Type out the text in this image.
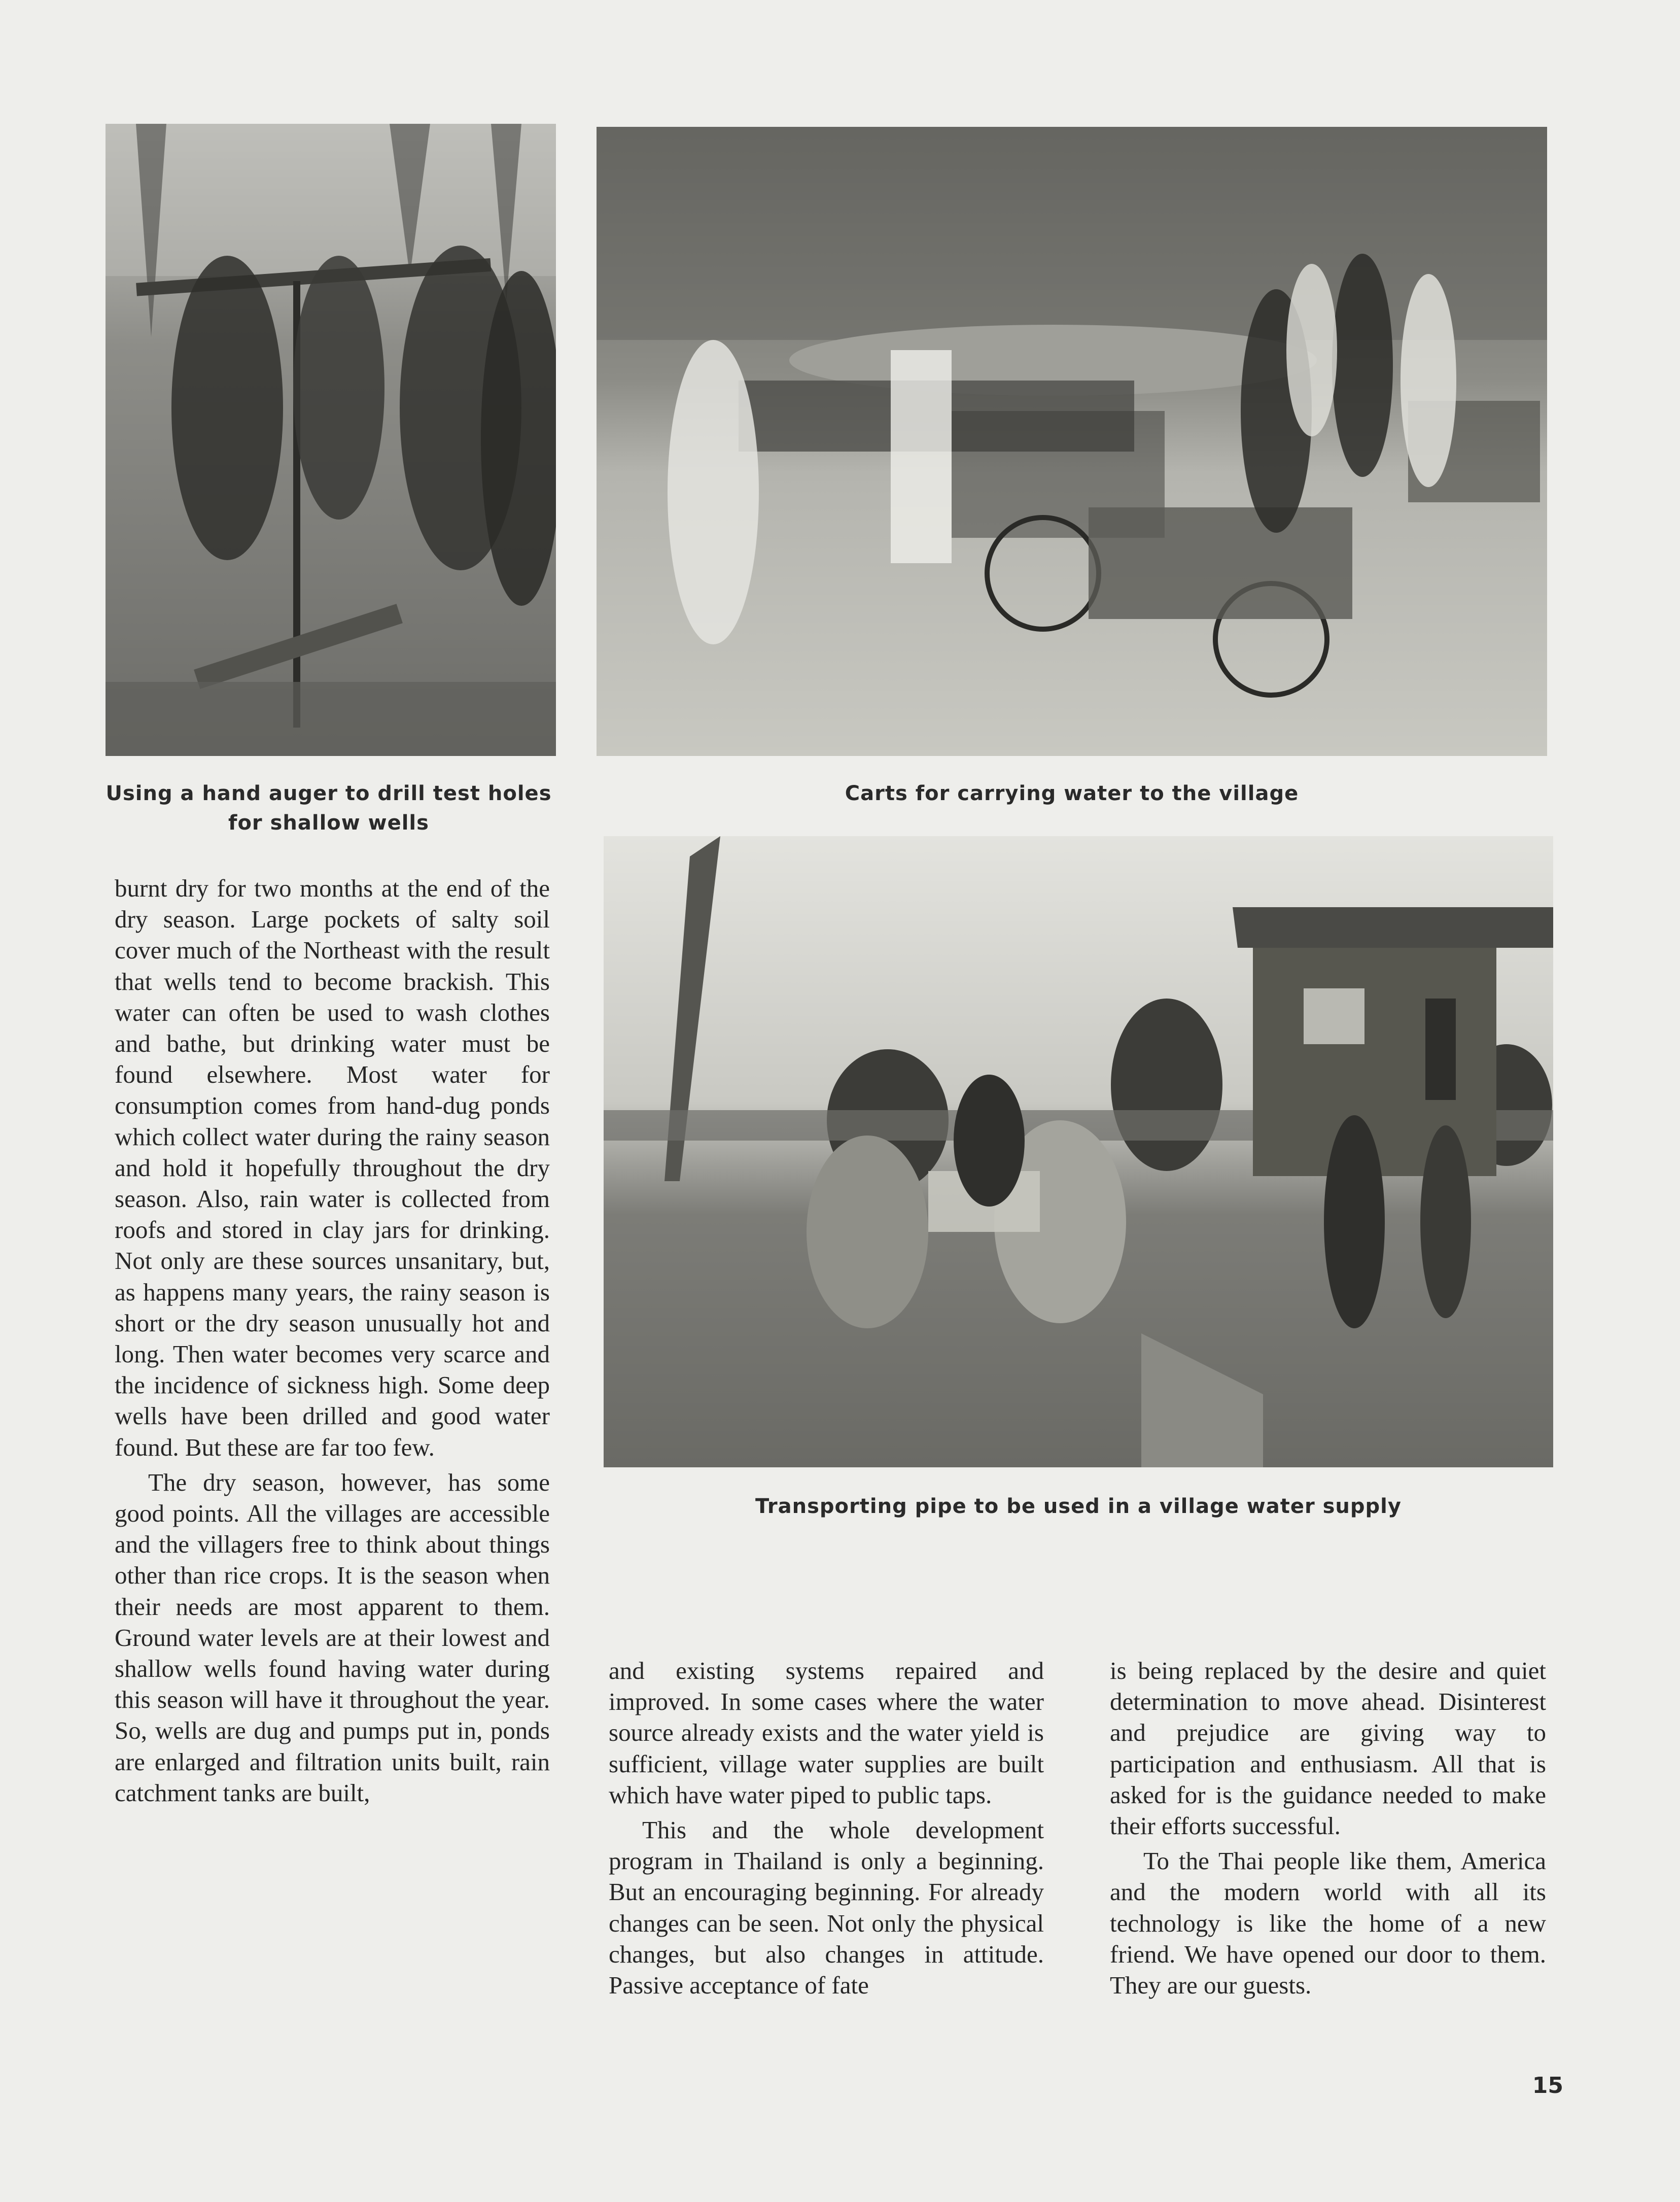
Using a hand auger to drill test holes for shallow wells
Carts for carrying water to the village
Transporting pipe to be used in a village water supply

burnt dry for two months at the end of the dry season. Large pockets of salty soil cover much of the Northeast with the result that wells tend to become brackish. This water can often be used to wash clothes and bathe, but drinking water must be found elsewhere. Most water for consumption comes from hand-dug ponds which collect water during the rainy season and hold it hopefully throughout the dry season. Also, rain water is collected from roofs and stored in clay jars for drinking. Not only are these sources unsanitary, but, as happens many years, the rainy season is short or the dry season unusually hot and long. Then water becomes very scarce and the incidence of sickness high. Some deep wells have been drilled and good water found. But these are far too few.

The dry season, however, has some good points. All the villages are accessible and the villagers free to think about things other than rice crops. It is the season when their needs are most apparent to them. Ground water levels are at their lowest and shallow wells found having water during this season will have it throughout the year. So, wells are dug and pumps put in, ponds are enlarged and filtration units built, rain catchment tanks are built,

and existing systems repaired and improved. In some cases where the water source already exists and the water yield is sufficient, village water supplies are built which have water piped to public taps.

This and the whole development program in Thailand is only a beginning. But an encouraging beginning. For already changes can be seen. Not only the physical changes, but also changes in attitude. Passive acceptance of fate

is being replaced by the desire and quiet determination to move ahead. Disinterest and prejudice are giving way to participation and enthusiasm. All that is asked for is the guidance needed to make their efforts successful.

To the Thai people like them, America and the modern world with all its technology is like the home of a new friend. We have opened our door to them. They are our guests.

15
